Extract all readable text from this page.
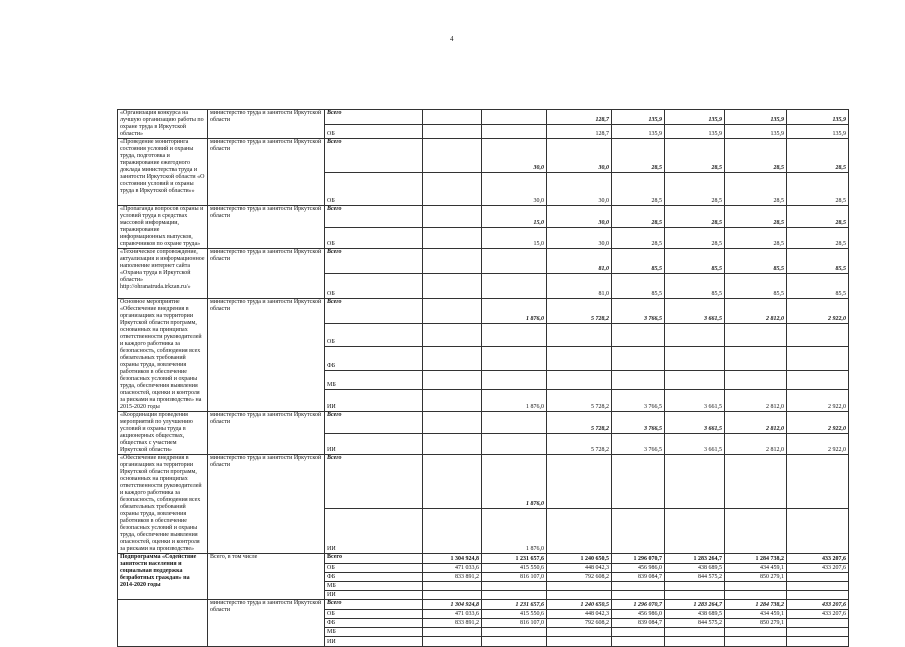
4
«Организация конкурса на лучшую организацию работы по охране труда в Иркутской области»	министерство труда и занятости Иркутской области	Всего			128,7	135,9	135,9	135,9	135,9
		ОБ			128,7	135,9	135,9	135,9	135,9
«Проведение мониторинга состояния условий и охраны труда, подготовка и тиражирование ежегодного доклада министерства труда и занятости Иркутской области «О состоянии условий и охраны труда в Иркутской области»»	министерство труда и занятости Иркутской области	Всего		30,0	30,0	28,5	28,5	28,5	28,5
		ОБ		30,0	30,0	28,5	28,5	28,5	28,5
«Пропаганда вопросов охраны и условий труда в средствах массовой информации, тиражирование информационных выпусков, справочников по охране труда»	министерство труда и занятости Иркутской области	Всего		15,0	30,0	28,5	28,5	28,5	28,5
		ОБ		15,0	30,0	28,5	28,5	28,5	28,5
«Техническое сопровождение, актуализация и информационное наполнение интернет сайта «Охрана труда в Иркутской области» http://ohranatruda.irkzan.ru/»	министерство труда и занятости Иркутской области	Всего			81,0	85,5	85,5	85,5	85,5
		ОБ			81,0	85,5	85,5	85,5	85,5
Основное мероприятие «Обеспечение внедрения в организациях на территории Иркутской области программ, основанных на принципах ответственности руководителей и каждого работника за безопасность, соблюдения всех обязательных требований охраны труда, вовлечения работников в обеспечение безопасных условий и охраны труда, обеспечения выявления опасностей, оценки и контроля за рисками на производстве» на 2015-2020 годы	министерство труда и занятости Иркутской области	Всего		1 876,0	5 728,2	3 766,5	3 661,5	2 812,0	2 922,0
		ОБ							
		ФБ							
		МБ							
		ИИ		1 876,0	5 728,2	3 766,5	3 661,5	2 812,0	2 922,0
«Координация проведения мероприятий по улучшению условий и охраны труда в акционерных обществах, обществах с участием Иркутской области»	министерство труда и занятости Иркутской области	Всего			5 728,2	3 766,5	3 661,5	2 812,0	2 922,0
		ИИ			5 728,2	3 766,5	3 661,5	2 812,0	2 922,0
«Обеспечение внедрения в организациях на территории Иркутской области программ, основанных на принципах ответственности руководителей и каждого работника за безопасность, соблюдения всех обязательных требований охраны труда, вовлечения работников в обеспечение безопасных условий и охраны труда, обеспечение выявления опасностей, оценки и контроля за рисками на производстве»	министерство труда и занятости Иркутской области	Всего		1 876,0					
		ИИ		1 876,0					
Подпрограмма «Содействие занятости населения и социальная поддержка безработных граждан» на 2014-2020 годы	Всего, в том числе	Всего	1 304 924,8	1 231 657,6	1 240 650,5	1 296 070,7	1 283 264,7	1 284 738,2	433 207,6
		ОБ	471 033,6	415 550,6	448 042,3	456 986,0	438 689,5	434 459,1	433 207,6
		ФБ	833 891,2	816 107,0	792 608,2	839 084,7	844 575,2	850 279,1	
		МБ							
		ИИ							
	министерство труда и занятости Иркутской области	Всего	1 304 924,8	1 231 657,6	1 240 650,5	1 296 070,7	1 283 264,7	1 284 738,2	433 207,6
		ОБ	471 033,6	415 550,6	448 042,3	456 986,0	438 689,5	434 459,1	433 207,6
		ФБ	833 891,2	816 107,0	792 608,2	839 084,7	844 575,2	850 279,1	
		МБ							
		ИИ							
